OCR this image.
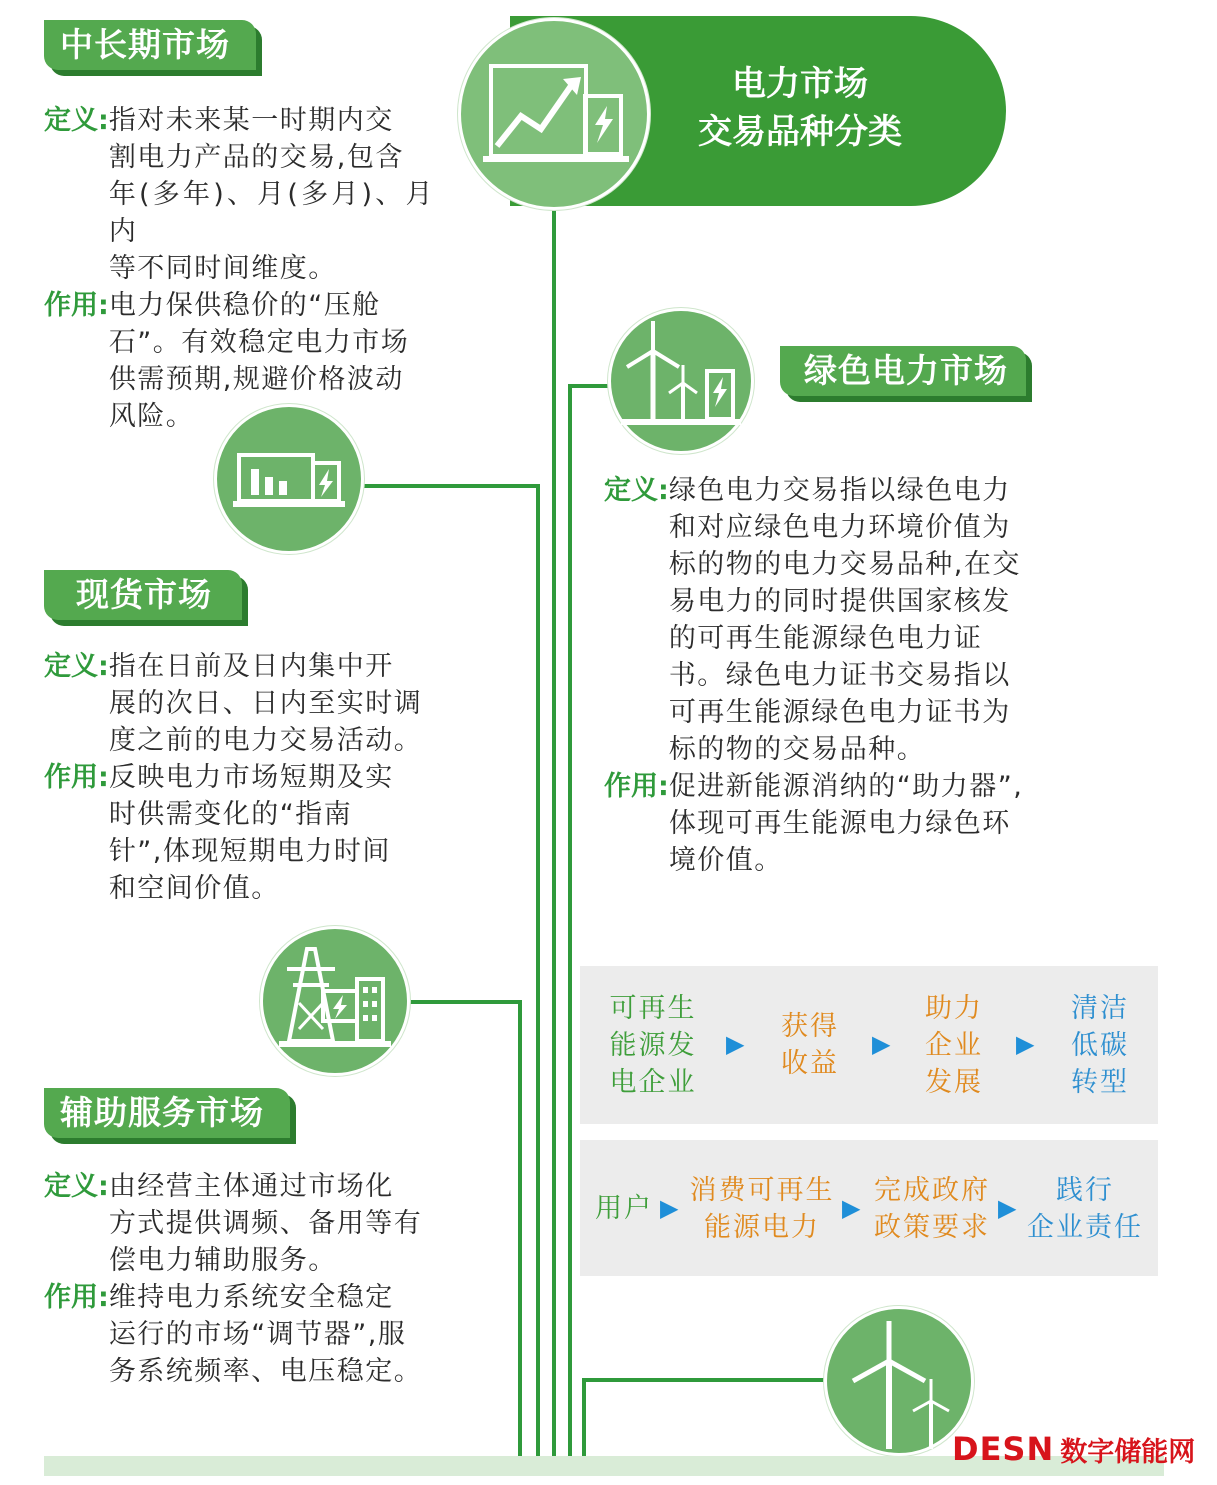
电力市场
交易品种分类
中长期市场
定义: 指对未来某一时期内交
割电力产品的交易,包含
年(多年)、月(多月)、月内
等不同时间维度。
作用: 电力保供稳价的“压舱
石”。有效稳定电力市场
供需预期,规避价格波动
风险。
现货市场
定义: 指在日前及日内集中开
展的次日、日内至实时调
度之前的电力交易活动。
作用: 反映电力市场短期及实
时供需变化的“指南
针”,体现短期电力时间
和空间价值。
辅助服务市场
定义: 由经营主体通过市场化
方式提供调频、备用等有
偿电力辅助服务。
作用: 维持电力系统安全稳定
运行的市场“调节器”,服
务系统频率、电压稳定。
绿色电力市场
定义: 绿色电力交易指以绿色电力
和对应绿色电力环境价值为
标的物的电力交易品种,在交
易电力的同时提供国家核发
的可再生能源绿色电力证
书。绿色电力证书交易指以
可再生能源绿色电力证书为
标的物的交易品种。
作用: 促进新能源消纳的“助力器”,
体现可再生能源电力绿色环
境价值。
可再生
能源发
电企业
▶
获得
收益
▶
助力
企业
发展
▶
清洁
低碳
转型
用户 ▶
消费可再生
能源电力
▶
完成政府
政策要求
▶
践行
企业责任
DESN 数字储能网
